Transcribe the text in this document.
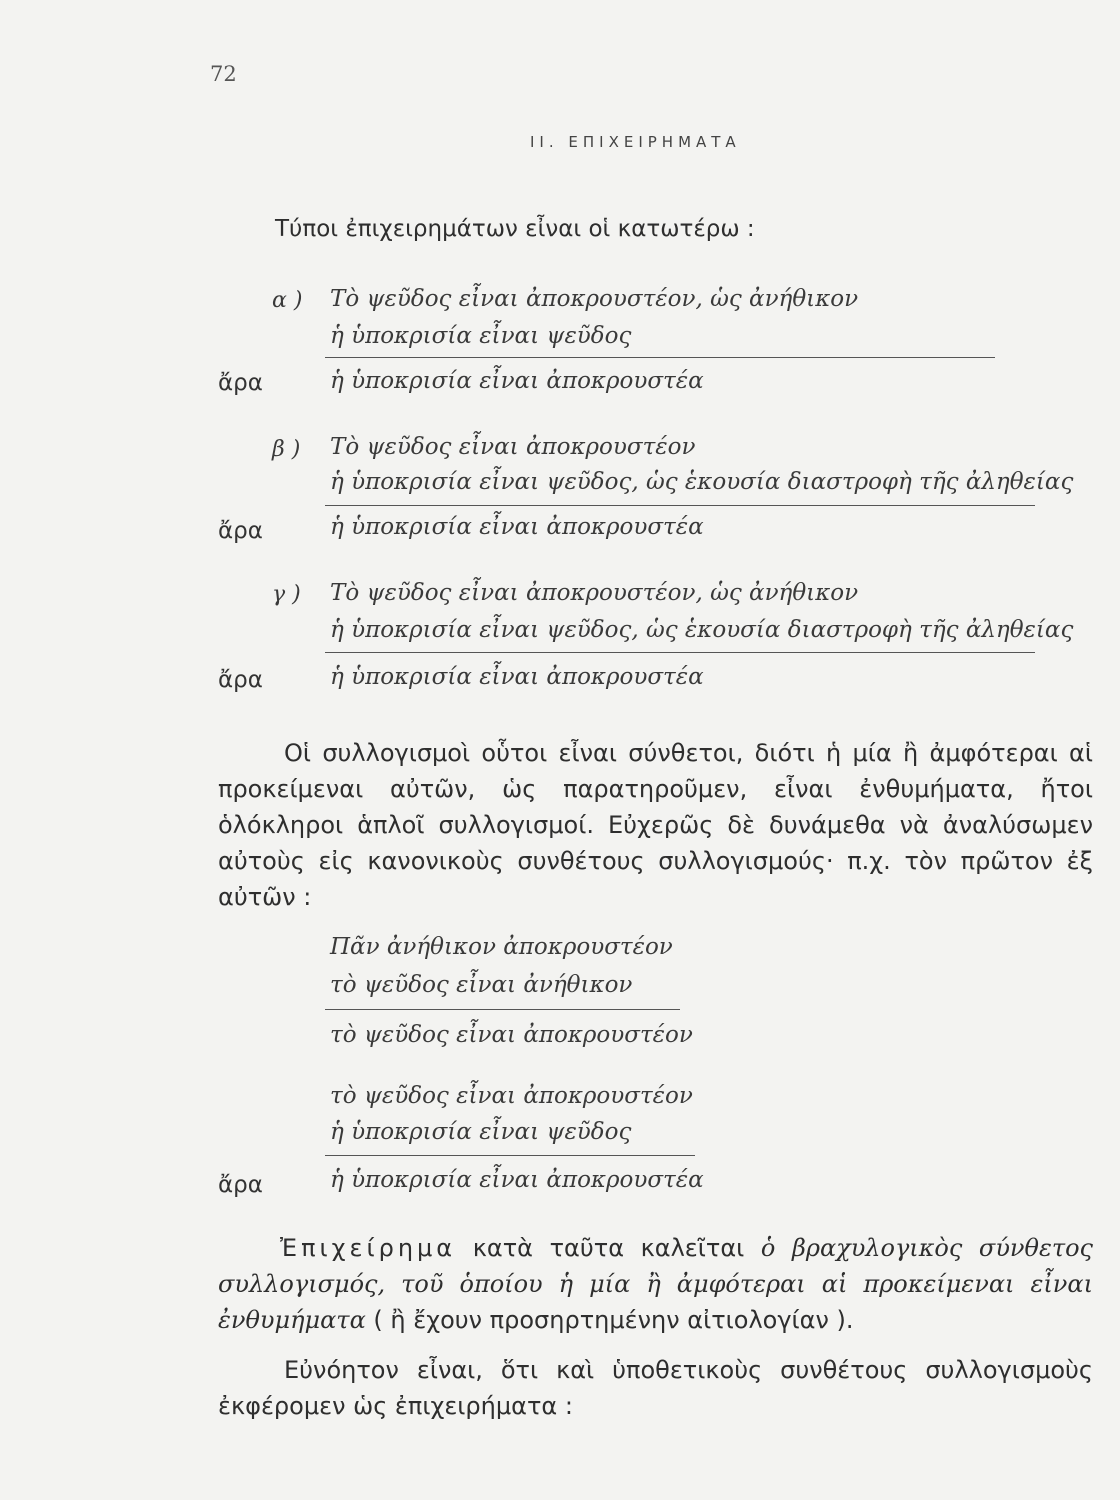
72
II. ΕΠΙΧΕΙΡΗΜΑΤΑ
Τύποι ἐπιχειρημάτων εἶναι οἱ κατωτέρω :
α ) Τὸ ψεῦδος εἶναι ἀποκρουστέον, ὡς ἀνήθικον
ἡ ὑποκρισία εἶναι ψεῦδος
ἄρα	ἡ ὑποκρισία εἶναι ἀποκρουστέα
β ) Τὸ ψεῦδος εἶναι ἀποκρουστέον
ἡ ὑποκρισία εἶναι ψεῦδος, ὡς ἑκουσία διαστροφὴ τῆς ἀληθείας
ἄρα	ἡ ὑποκρισία εἶναι ἀποκρουστέα
γ ) Τὸ ψεῦδος εἶναι ἀποκρουστέον, ὡς ἀνήθικον
ἡ ὑποκρισία εἶναι ψεῦδος, ὡς ἑκουσία διαστροφὴ τῆς ἀληθείας
ἄρα	ἡ ὑποκρισία εἶναι ἀποκρουστέα

Οἱ συλλογισμοὶ οὗτοι εἶναι σύνθετοι, διότι ἡ μία ἢ ἀμφότεραι αἱ προκείμεναι αὐτῶν, ὡς παρατηροῦμεν, εἶναι ἐνθυμήματα, ἤτοι ὁλόκληροι ἁπλοῖ συλλογισμοί. Εὐχερῶς δὲ δυνάμεθα νὰ ἀναλύσωμεν αὐτοὺς εἰς κανονικοὺς συνθέτους συλλογισμούς· π.χ. τὸν πρῶτον ἐξ αὐτῶν :

Πᾶν ἀνήθικον ἀποκρουστέον
τὸ ψεῦδος εἶναι ἀνήθικον
τὸ ψεῦδος εἶναι ἀποκρουστέον
τὸ ψεῦδος εἶναι ἀποκρουστέον
ἡ ὑποκρισία εἶναι ψεῦδος
ἄρα	ἡ ὑποκρισία εἶναι ἀποκρουστέα

Ἐπιχείρημα κατὰ ταῦτα καλεῖται ὁ βραχυλογικὸς σύνθετος συλλογισμός, τοῦ ὁποίου ἡ μία ἢ ἀμφότεραι αἱ προκείμεναι εἶναι ἐνθυμήματα ( ἢ ἔχουν προσηρτημένην αἰτιολογίαν ).

Εὐνόητον εἶναι, ὅτι καὶ ὑποθετικοὺς συνθέτους συλλογισμοὺς ἐκφέρομεν ὡς ἐπιχειρήματα :
